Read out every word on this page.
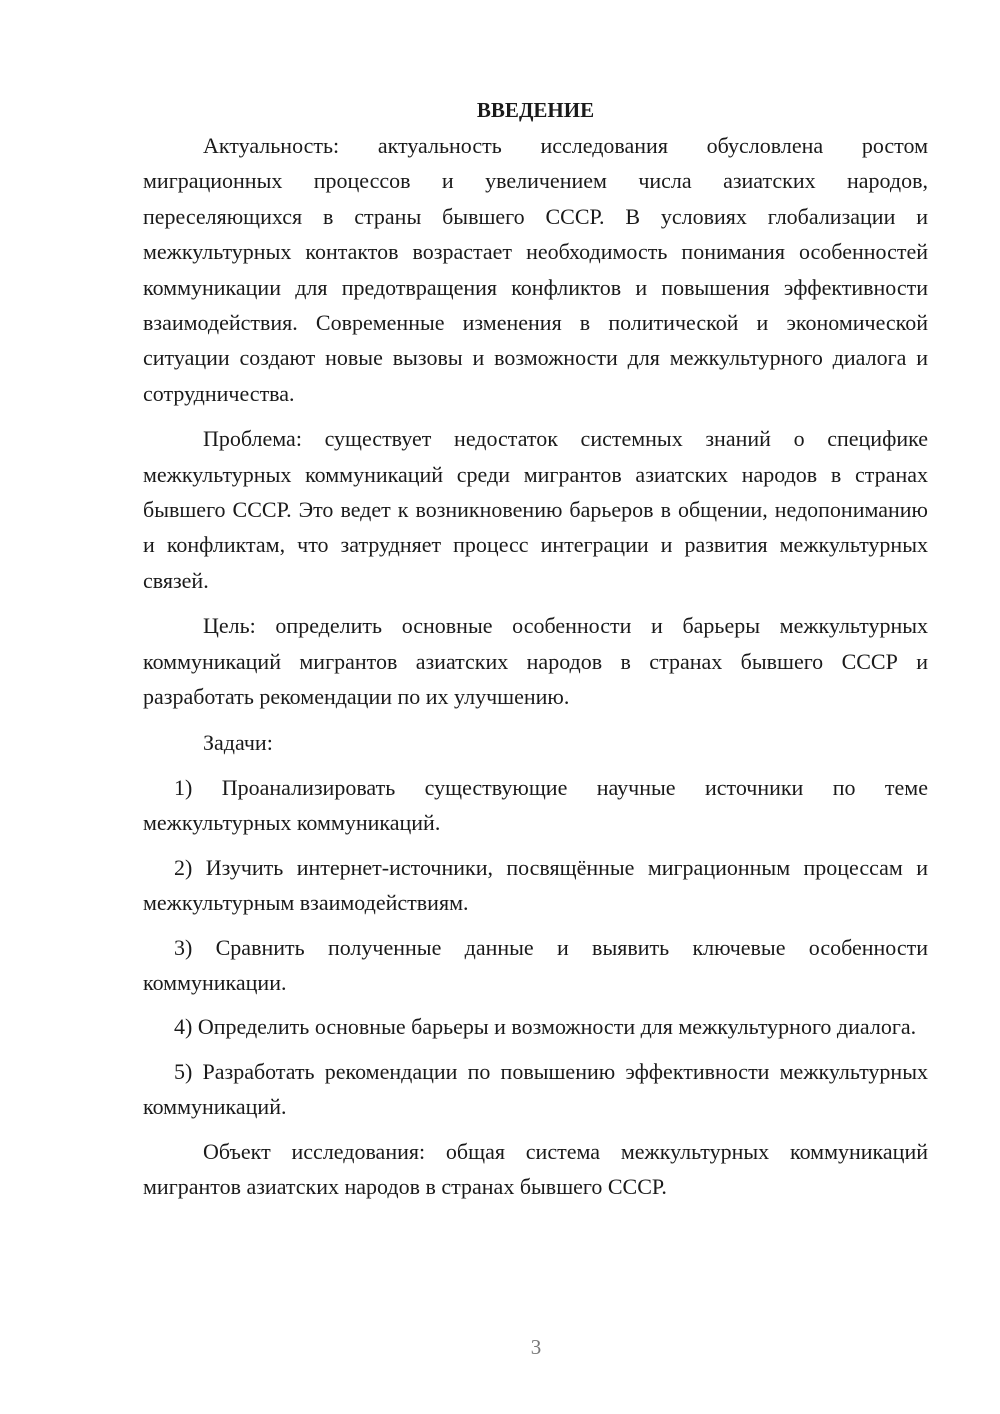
ВВЕДЕНИЕ

Актуальность: актуальность исследования обусловлена ростом миграционных процессов и увеличением числа азиатских народов, переселяющихся в страны бывшего СССР. В условиях глобализации и межкультурных контактов возрастает необходимость понимания особенностей коммуникации для предотвращения конфликтов и повышения эффективности взаимодействия. Современные изменения в политической и экономической ситуации создают новые вызовы и возможности для межкультурного диалога и сотрудничества.

Проблема: существует недостаток системных знаний о специфике межкультурных коммуникаций среди мигрантов азиатских народов в странах бывшего СССР. Это ведет к возникновению барьеров в общении, недопониманию и конфликтам, что затрудняет процесс интеграции и развития межкультурных связей.

Цель: определить основные особенности и барьеры межкультурных коммуникаций мигрантов азиатских народов в странах бывшего СССР и разработать рекомендации по их улучшению.

Задачи:

1) Проанализировать существующие научные источники по теме межкультурных коммуникаций.

2) Изучить интернет-источники, посвящённые миграционным процессам и межкультурным взаимодействиям.

3) Сравнить полученные данные и выявить ключевые особенности коммуникации.

4) Определить основные барьеры и возможности для межкультурного диалога.

5) Разработать рекомендации по повышению эффективности межкультурных коммуникаций.

Объект исследования: общая система межкультурных коммуникаций мигрантов азиатских народов в странах бывшего СССР.

3
